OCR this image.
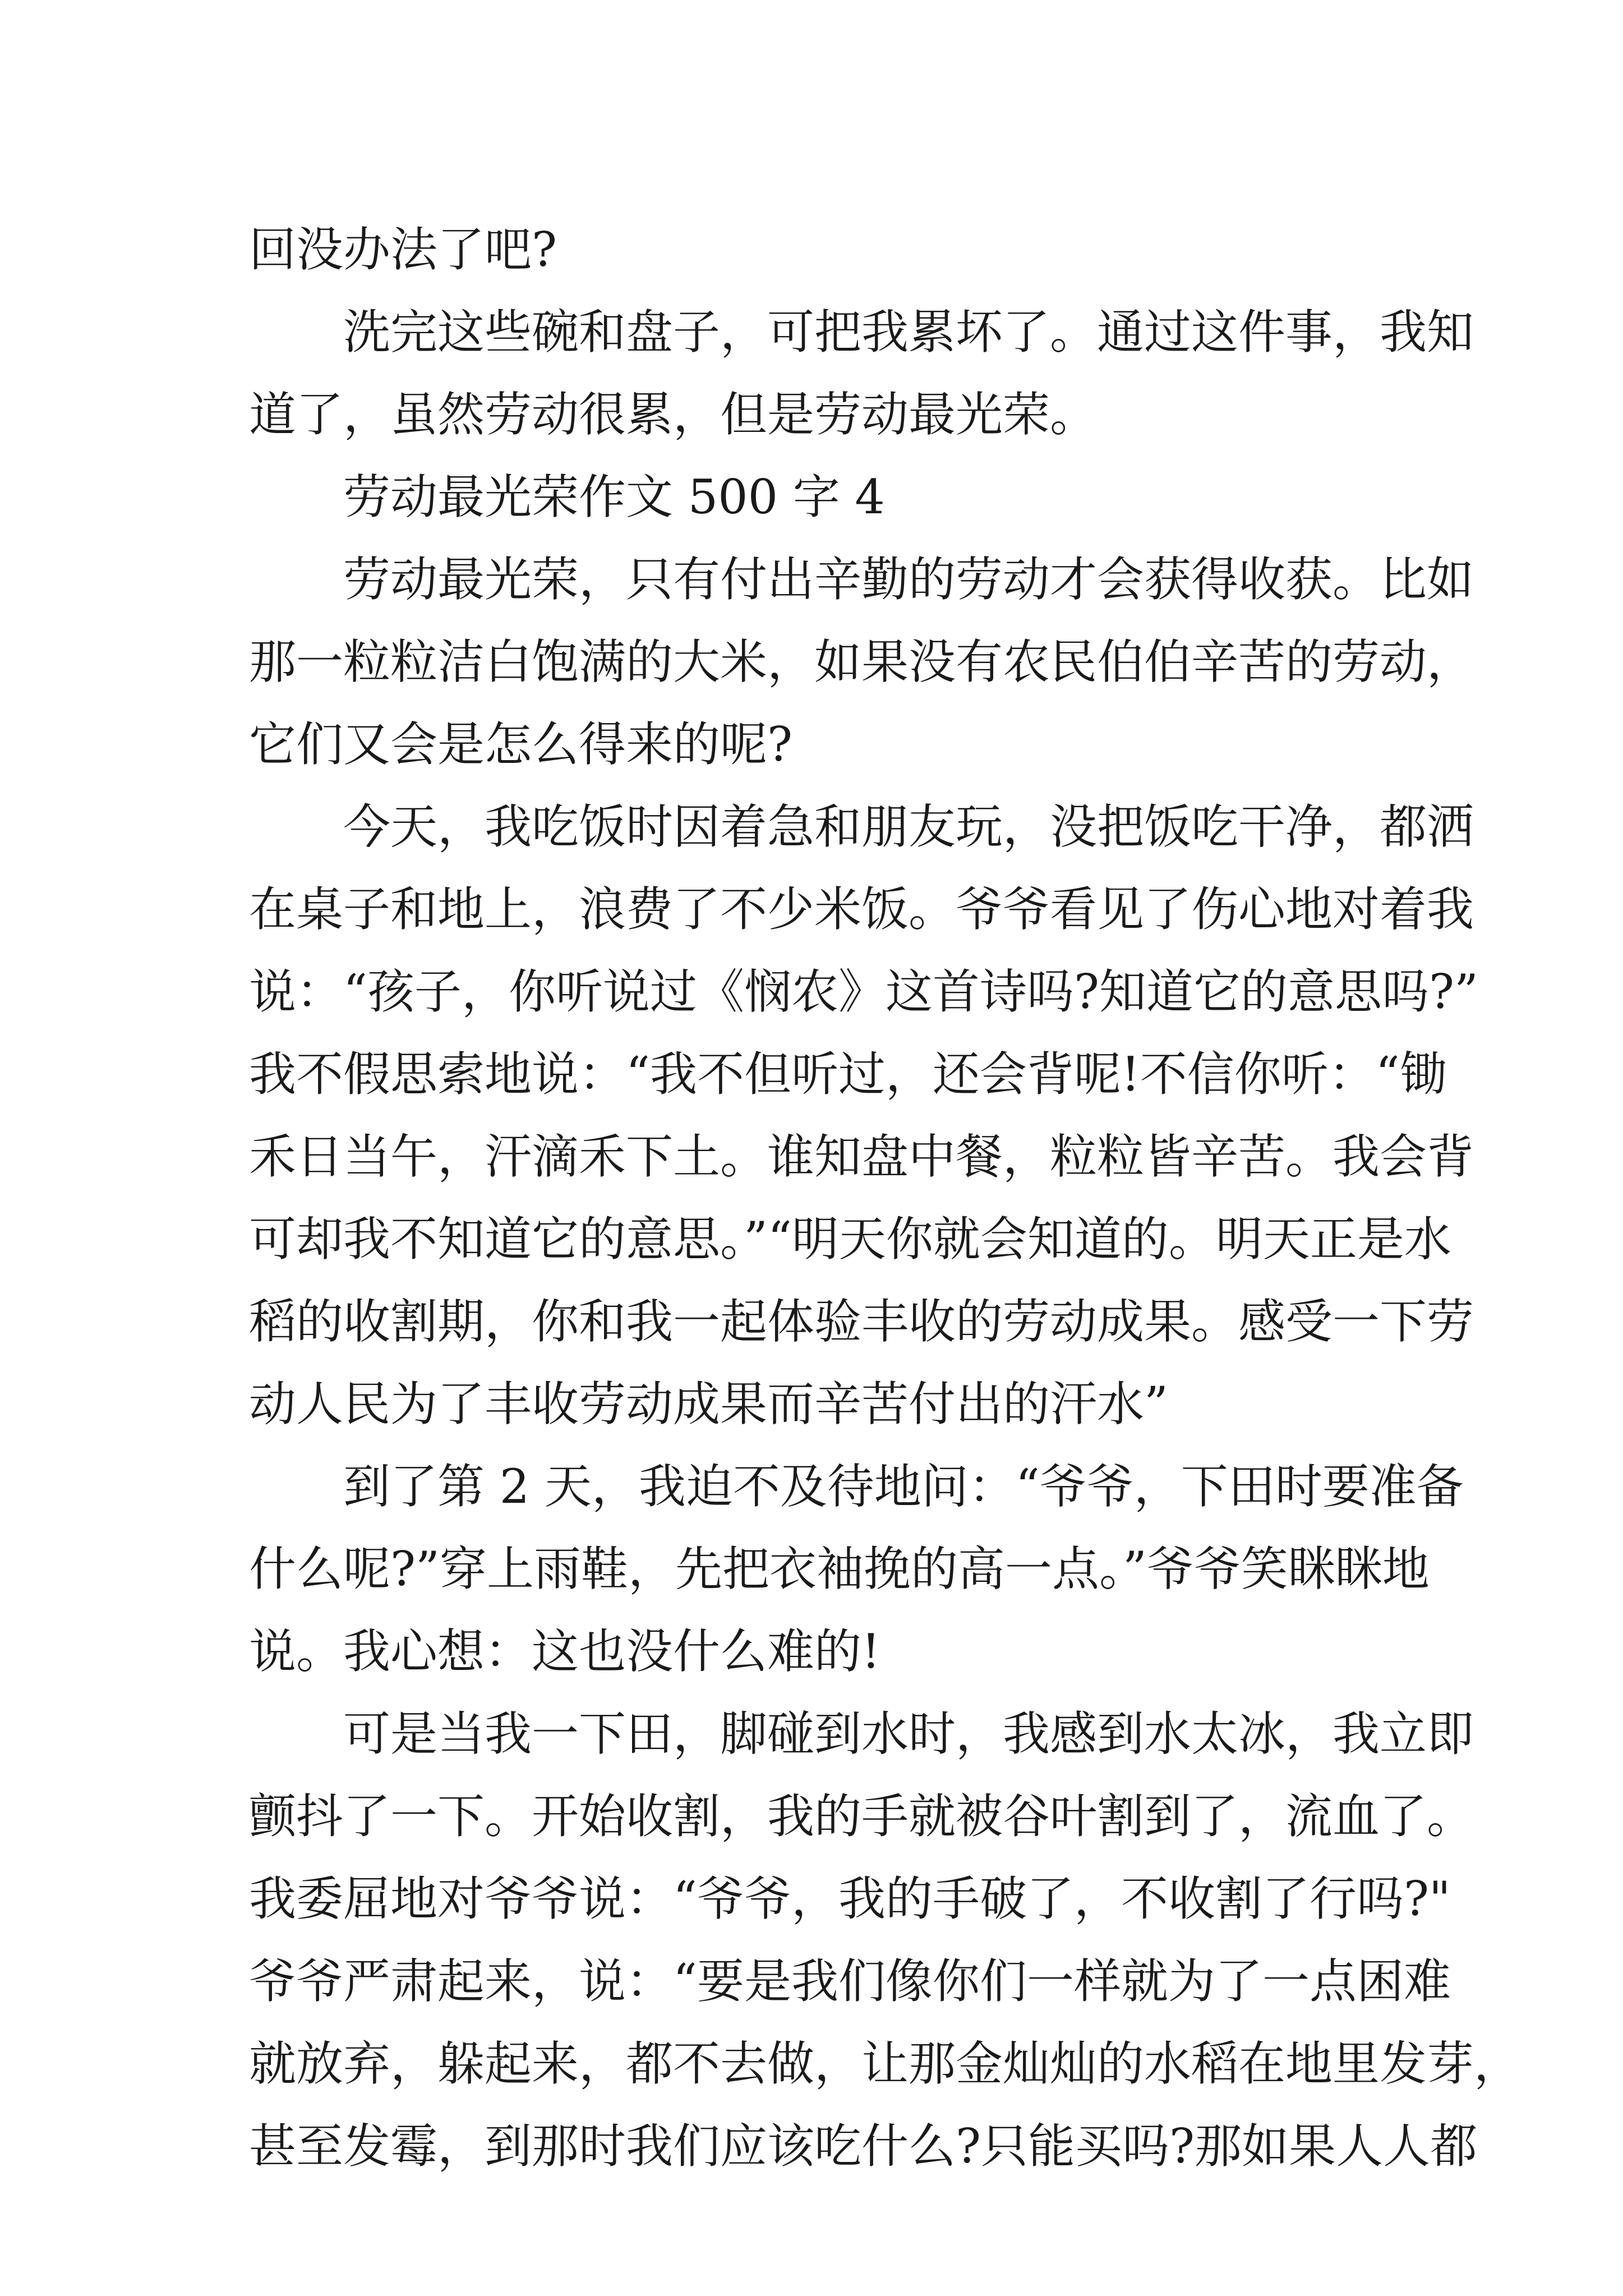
回没办法了吧?
洗完这些碗和盘子，可把我累坏了。通过这件事，我知
道了，虽然劳动很累，但是劳动最光荣。
劳动最光荣作文 500 字 4
劳动最光荣，只有付出辛勤的劳动才会获得收获。比如
那一粒粒洁白饱满的大米，如果没有农民伯伯辛苦的劳动，
它们又会是怎么得来的呢?
今天，我吃饭时因着急和朋友玩，没把饭吃干净，都洒
在桌子和地上，浪费了不少米饭。爷爷看见了伤心地对着我
说：“孩子，你听说过《悯农》这首诗吗?知道它的意思吗?”
我不假思索地说：“我不但听过，还会背呢!不信你听：“锄
禾日当午，汗滴禾下土。谁知盘中餐，粒粒皆辛苦。我会背
可却我不知道它的意思。”“明天你就会知道的。明天正是水
稻的收割期，你和我一起体验丰收的劳动成果。感受一下劳
动人民为了丰收劳动成果而辛苦付出的汗水”
到了第 2 天，我迫不及待地问：“爷爷，下田时要准备
什么呢?”穿上雨鞋，先把衣袖挽的高一点。”爷爷笑眯眯地
说。我心想：这也没什么难的!
可是当我一下田，脚碰到水时，我感到水太冰，我立即
颤抖了一下。开始收割，我的手就被谷叶割到了，流血了。
我委屈地对爷爷说：“爷爷，我的手破了，不收割了行吗?"
爷爷严肃起来，说：“要是我们像你们一样就为了一点困难
就放弃，躲起来，都不去做，让那金灿灿的水稻在地里发芽，
甚至发霉，到那时我们应该吃什么?只能买吗?那如果人人都
